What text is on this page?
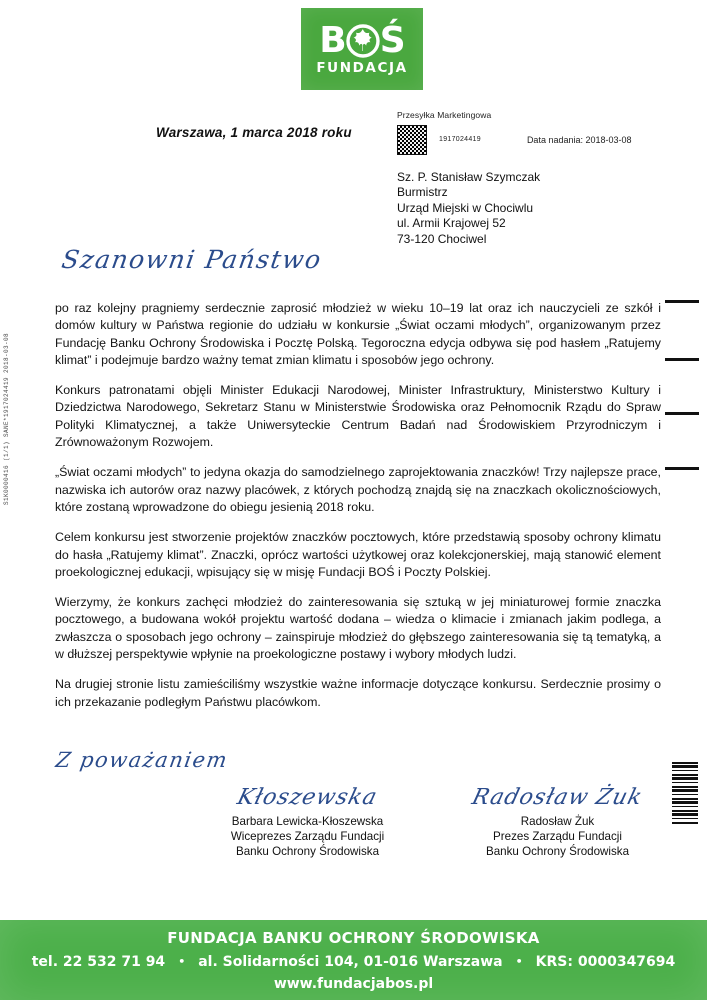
B Ś
FUNDACJA
Warszawa, 1 marca 2018 roku
Przesyłka Marketingowa
1917024419	Data nadania: 2018-03-08
Sz. P. Stanisław Szymczak
Burmistrz
Urząd Miejski w Chociwlu
ul. Armii Krajowej 52
73-120 Chociwel
Szanowni Państwo

po raz kolejny pragniemy serdecznie zaprosić młodzież w wieku 10–19 lat oraz ich nauczycieli ze szkół i domów kultury w Państwa regionie do udziału w konkursie „Świat oczami młodych”, organizowanym przez Fundację Banku Ochrony Środowiska i Pocztę Polską. Tegoroczna edycja odbywa się pod hasłem „Ratujemy klimat” i podejmuje bardzo ważny temat zmian klimatu i sposobów jego ochrony.

Konkurs patronatami objęli Minister Edukacji Narodowej, Minister Infrastruktury, Ministerstwo Kultury i Dziedzictwa Narodowego, Sekretarz Stanu w Ministerstwie Środowiska oraz Pełnomocnik Rządu do Spraw Polityki Klimatycznej, a także Uniwersyteckie Centrum Badań nad Środowiskiem Przyrodniczym i Zrównoważonym Rozwojem.

„Świat oczami młodych” to jedyna okazja do samodzielnego zaprojektowania znaczków! Trzy najlepsze prace, nazwiska ich autorów oraz nazwy placówek, z których pochodzą znajdą się na znaczkach okolicznościowych, które zostaną wprowadzone do obiegu jesienią 2018 roku.

Celem konkursu jest stworzenie projektów znaczków pocztowych, które przedstawią sposoby ochrony klimatu do hasła „Ratujemy klimat”. Znaczki, oprócz wartości użytkowej oraz kolekcjonerskiej, mają stanowić element proekologicznej edukacji, wpisujący się w misję Fundacji BOŚ i Poczty Polskiej.

Wierzymy, że konkurs zachęci młodzież do zainteresowania się sztuką w jej miniaturowej formie znaczka pocztowego, a budowana wokół projektu wartość dodana – wiedza o klimacie i zmianach jakim podlega, a zwłaszcza o sposobach jego ochrony – zainspiruje młodzież do głębszego zainteresowania się tą tematyką, a w dłuższej perspektywie wpłynie na proekologiczne postawy i wybory młodych ludzi.

Na drugiej stronie listu zamieściliśmy wszystkie ważne informacje dotyczące konkursu. Serdecznie prosimy o ich przekazanie podległym Państwu placówkom.

Z poważaniem
Kłoszewska
Barbara Lewicka-Kłoszewska
Wiceprezes Zarządu Fundacji
Banku Ochrony Środowiska
Radosław Żuk
Radosław Żuk
Prezes Zarządu Fundacji
Banku Ochrony Środowiska
S1K0000416 (1/1) SANE*1917024419 2018-03-08
FUNDACJA BANKU OCHRONY ŚRODOWISKA
tel. 22 532 71 94 • al. Solidarności 104, 01-016 Warszawa • KRS: 0000347694
www.fundacjabos.pl
